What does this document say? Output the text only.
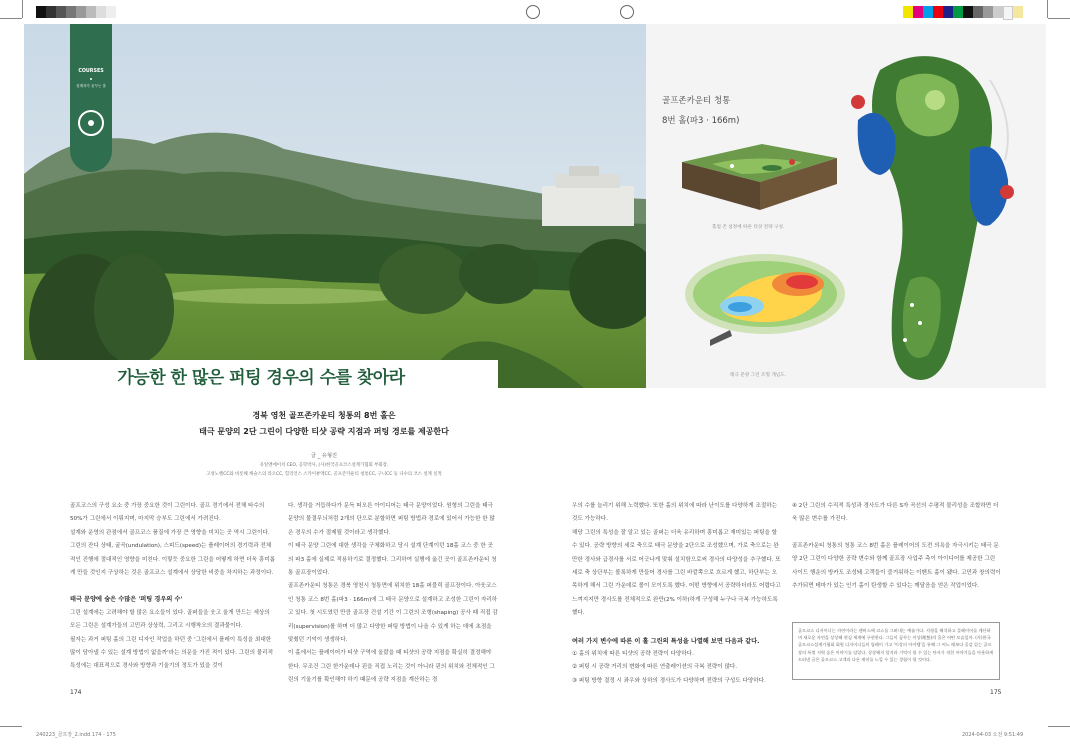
COURSES
설계자가 꿈꾸는 홀
가능한 한 많은 퍼팅 경우의 수를 찾아라
경북 영천 골프존카운티 청통의 8번 홀은
태극 문양의 2단 그린이 다양한 티샷 공략 지점과 퍼팅 경로를 제공한다
글 _ 유형진
유알엔에이치 CEO, 공학박사, (사)한국골프코스설계가협회 부회장.
고성노벨CC와 비롯해 캐슬스의 라오CC, 힐리언스 스카이뷰엑CC, 골프존카운티 청통CC, 구니CC 등 다수의 코스 설계 실적

골프코스의 구성 요소 중 가장 중요한 것이 그린이다. 골프 경기에서 전체 타수의 50%가 그린에서 이뤄지며, 마지막 승부도 그린에서 가려진다.

설계와 운영의 관점에서 골프코스 품질에 가장 큰 영향을 미치는 곳 역시 그린이다. 그린의 잔디 상태, 굴곡(undulation), 스피드(speed)는 플레이어의 경기력과 전체적인 진행에 절대적인 영향을 미친다. 이렇듯 중요한 그린을 어떻게 하면 더욱 흥미롭게 만들 것인지 구상하는 것은 골프코스 설계에서 상당한 비중을 차지하는 과정이다.

태극 문양에 숨은 수많은 '퍼팅 경우의 수'

그린 설계에는 고려해야 할 많은 요소들이 있다. 골퍼들을 웃고 울게 만드는 세상의 모든 그린은 설계가들의 고민과 상상력, 그리고 시행착오의 결과물이다.

필자는 과거 퍼팅 홀의 그린 디자인 작업을 하던 중 '그린에서 플레이 특성을 최대한 많이 담아낼 수 있는 설계 방법이 없을까'라는 의문을 가진 적이 있다. 그린의 물리적 특성에는 대표적으로 경사와 방향과 기울기의 정도가 있을 것이

다. 생각을 거듭하다가 문득 떠오른 아이디어는 태극 문양이었다. 원형의 그린을 태극 문양의 물결무늬처럼 2개의 단으로 분할하면 퍼팅 방법과 경로에 있어서 가능한 한 많은 경우의 수가 절제될 것이라고 생각했다.

이 태극 문양 그린에 대한 생각을 구체화하고 당시 설계 단계이던 18홀 코스 중 한 곳의 파3 홀에 실제로 적용하기로 결정했다. 그리하여 실행에 옮긴 곳이 골프존카운티 청통 골프장이었다.

골프존카운티 청통은 경북 영천시 청통면에 위치한 18홀 퍼블릭 골프장이다. 아웃코스인 청통 코스 8번 홀(파3 · 166m)에 그 태극 문양으로 설계하고 조성한 그린이 자리하고 있다. 첫 시도였던 만큼 골프장 건설 기간 이 그린의 조형(shaping) 공사 때 직접 감리(supervision)를 하며 더 많고 다양한 퍼팅 방법이 나올 수 있게 하는 데에 초점을 맞췄던 기억이 생생하다.

이 홀에서는 플레이어가 티샷 구역에 올랐을 때 티샷의 공략 지점을 확실히 결정해야 한다. 무조건 그린 한가운데나 핀을 직접 노리는 것이 아니라 핀의 위치와 전체적인 그린의 기울기를 확인해야 하기 때문에 공략 지점을 계산하는 경

174
골프존카운티 청통
8번 홀(파3 · 166m)
홀컵 존 설정에 따른 티샷 전략 구성.
태극 문양 그린 조형 개념도.

우의 수를 늘리기 위해 노력했다. 또한 홀의 위치에 따라 난이도를 다양하게 조절하는 것도 가능하다.

해당 그린의 특성을 잘 알고 있는 골퍼는 더욱 유리하며 흥미롭고 재미있는 퍼팅을 할 수 있다. 공략 방향의 세로 축으로 태극 문양을 2단으로 조성했으며, 가로 축으로는 완만한 경사와 급경사를 서로 어긋나게 맞춰 설치함으로써 경사의 다양성을 추구했다. 또 세로 축 상단부는 볼록하게 만들어 경사를 그린 바깥쪽으로 흐르게 했고, 하단부는 오목하게 해서 그린 가운데로 볼이 모이도록 했다. 어떤 방향에서 공략하더라도 어렵다고 느껴지지만 경사도를 전체적으로 완만(2% 이하)하게 구성해 누구나 극복 가능하도록 했다.

여러 가지 변수에 따른 이 홀 그린의 특성을 나열해 보면 다음과 같다.

① 홀의 위치에 따른 티샷의 공략 전략이 다양하다.

② 퍼팅 시 공략 거리의 변화에 따른 연출레이션의 극복 전략이 많다.

③ 퍼팅 방향 결정 시 좌우와 상하의 경사도가 다양하며 전략의 구성도 다양하다.

④ 2단 그린의 수직적 특성과 경사도가 다른 S자 곡선의 수평적 물리성을 조합하면 더욱 많은 변수를 가진다.

골프존카운티 청통의 청통 코스 8번 홀은 플레이어의 도전 의욕을 자극시키는 태극 문양 2단 그린이 다양한 공략 변수와 함께 골프장 사업주 측이 아이디어를 제공한 그린 사이드 행운의 방카도 조성돼 고객들이 즐거워하는 이벤트 홀이 됐다. 고민과 창의력이 추가되면 테마가 있는 인기 홀이 탄생할 수 있다는 깨달음을 얻은 작업이었다.

골프코스 디자이너는 자연이라는 캔버스에 코스를 그려내는 예술가다. 지형을 해석하고 플레이어를 계산하며 새로운 자연을 상상해 현실 세계에 구현한다. 그들이 꿈꾸는 이상(理想)의 홀은 어떤 모습일까. (사)한국골프코스설계가협회 회원 디자이너들의 릴레이 기고 '이상의 아이템'을 통해 그 어느 때보다 공감 있는 골프장의 특별 지역 숨은 이야기를 담았다. 상상해지 할지라 기억이 될 수 있는 단서가 적힌 이야기들을 아웃하게 드러낸 글은 골프코스 고객과 다른 재미를 느낄 수 있는 경험이 될 것이다.
175
240223_골프장_2.indd 174 - 175	2024-04-03 오전 9:51:49
